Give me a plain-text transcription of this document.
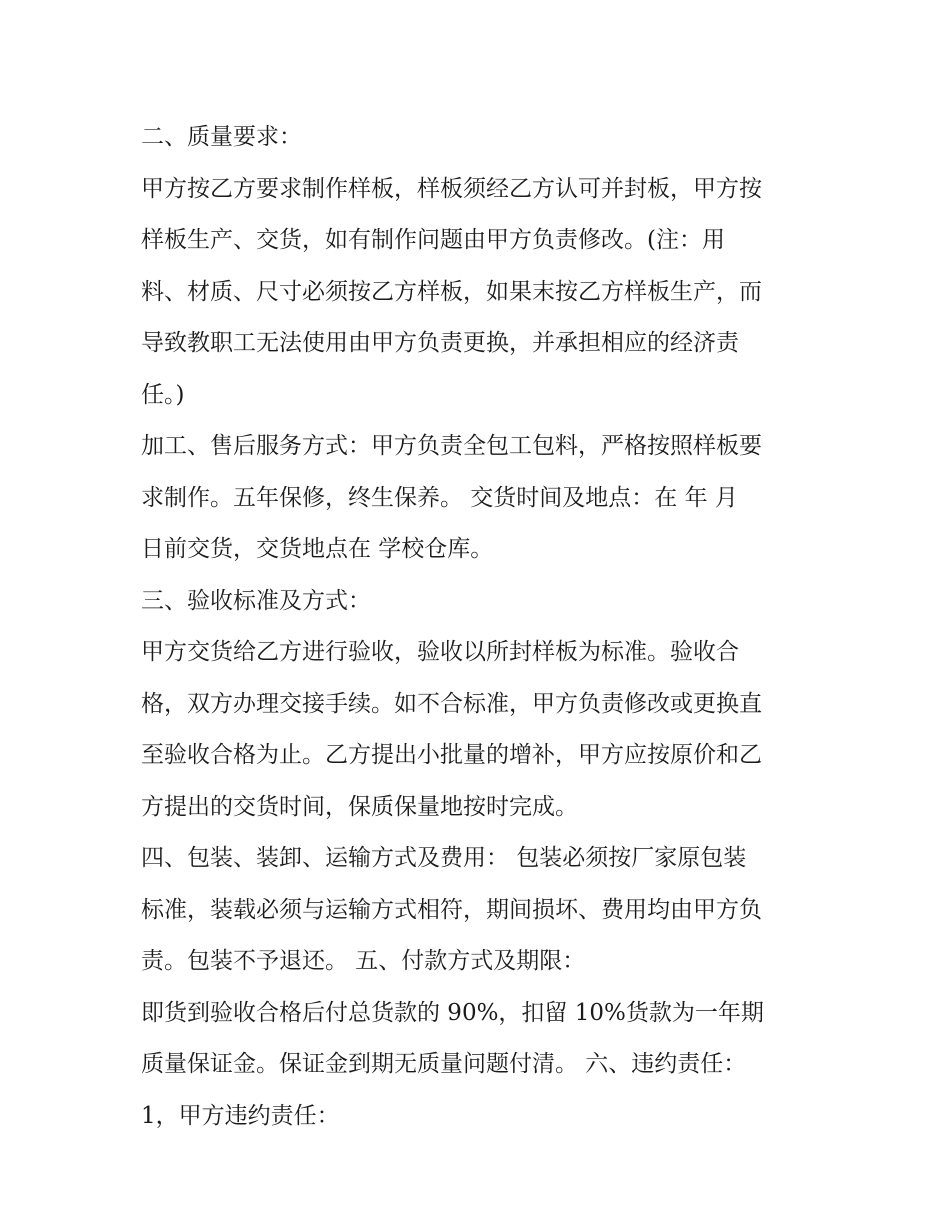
二、质量要求：
甲方按乙方要求制作样板，样板须经乙方认可并封板，甲方按
样板生产、交货，如有制作问题由甲方负责修改。(注：用
料、材质、尺寸必须按乙方样板，如果末按乙方样板生产，而
导致教职工无法使用由甲方负责更换，并承担相应的经济责
任。)
加工、售后服务方式：甲方负责全包工包料，严格按照样板要
求制作。五年保修，终生保养。 交货时间及地点：在 年 月
日前交货，交货地点在 学校仓库。
三、验收标准及方式：
甲方交货给乙方进行验收，验收以所封样板为标准。验收合
格，双方办理交接手续。如不合标准，甲方负责修改或更换直
至验收合格为止。乙方提出小批量的增补，甲方应按原价和乙
方提出的交货时间，保质保量地按时完成。
四、包装、装卸、运输方式及费用： 包装必须按厂家原包装
标准，装载必须与运输方式相符，期间损坏、费用均由甲方负
责。包装不予退还。 五、付款方式及期限：
即货到验收合格后付总货款的 90%，扣留 10%货款为一年期
质量保证金。保证金到期无质量问题付清。 六、违约责任：
1，甲方违约责任：
